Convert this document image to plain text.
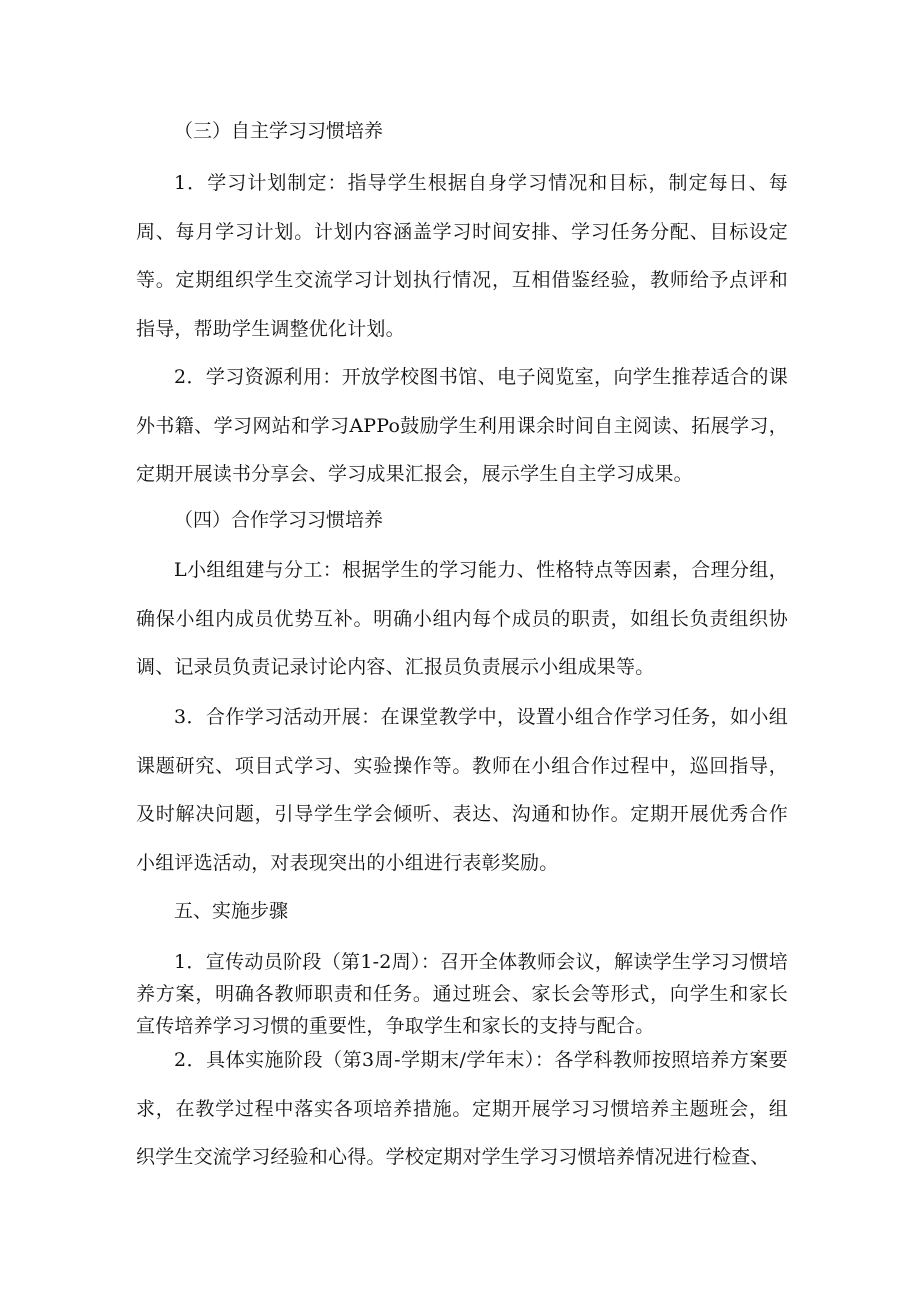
（三）自主学习习惯培养

1．学习计划制定：指导学生根据自身学习情况和目标，制定每日、每周、每月学习计划。计划内容涵盖学习时间安排、学习任务分配、目标设定等。定期组织学生交流学习计划执行情况，互相借鉴经验，教师给予点评和指导，帮助学生调整优化计划。

2．学习资源利用：开放学校图书馆、电子阅览室，向学生推荐适合的课外书籍、学习网站和学习APPo鼓励学生利用课余时间自主阅读、拓展学习，定期开展读书分享会、学习成果汇报会，展示学生自主学习成果。

（四）合作学习习惯培养

L小组组建与分工：根据学生的学习能力、性格特点等因素，合理分组，确保小组内成员优势互补。明确小组内每个成员的职责，如组长负责组织协调、记录员负责记录讨论内容、汇报员负责展示小组成果等。

3．合作学习活动开展：在课堂教学中，设置小组合作学习任务，如小组课题研究、项目式学习、实验操作等。教师在小组合作过程中，巡回指导，及时解决问题，引导学生学会倾听、表达、沟通和协作。定期开展优秀合作小组评选活动，对表现突出的小组进行表彰奖励。

五、实施步骤

1．宣传动员阶段（第1-2周）：召开全体教师会议，解读学生学习习惯培养方案，明确各教师职责和任务。通过班会、家长会等形式，向学生和家长宣传培养学习习惯的重要性，争取学生和家长的支持与配合。

2．具体实施阶段（第3周-学期末/学年末）：各学科教师按照培养方案要求，在教学过程中落实各项培养措施。定期开展学习习惯培养主题班会，组织学生交流学习经验和心得。学校定期对学生学习习惯培养情况进行检查、
